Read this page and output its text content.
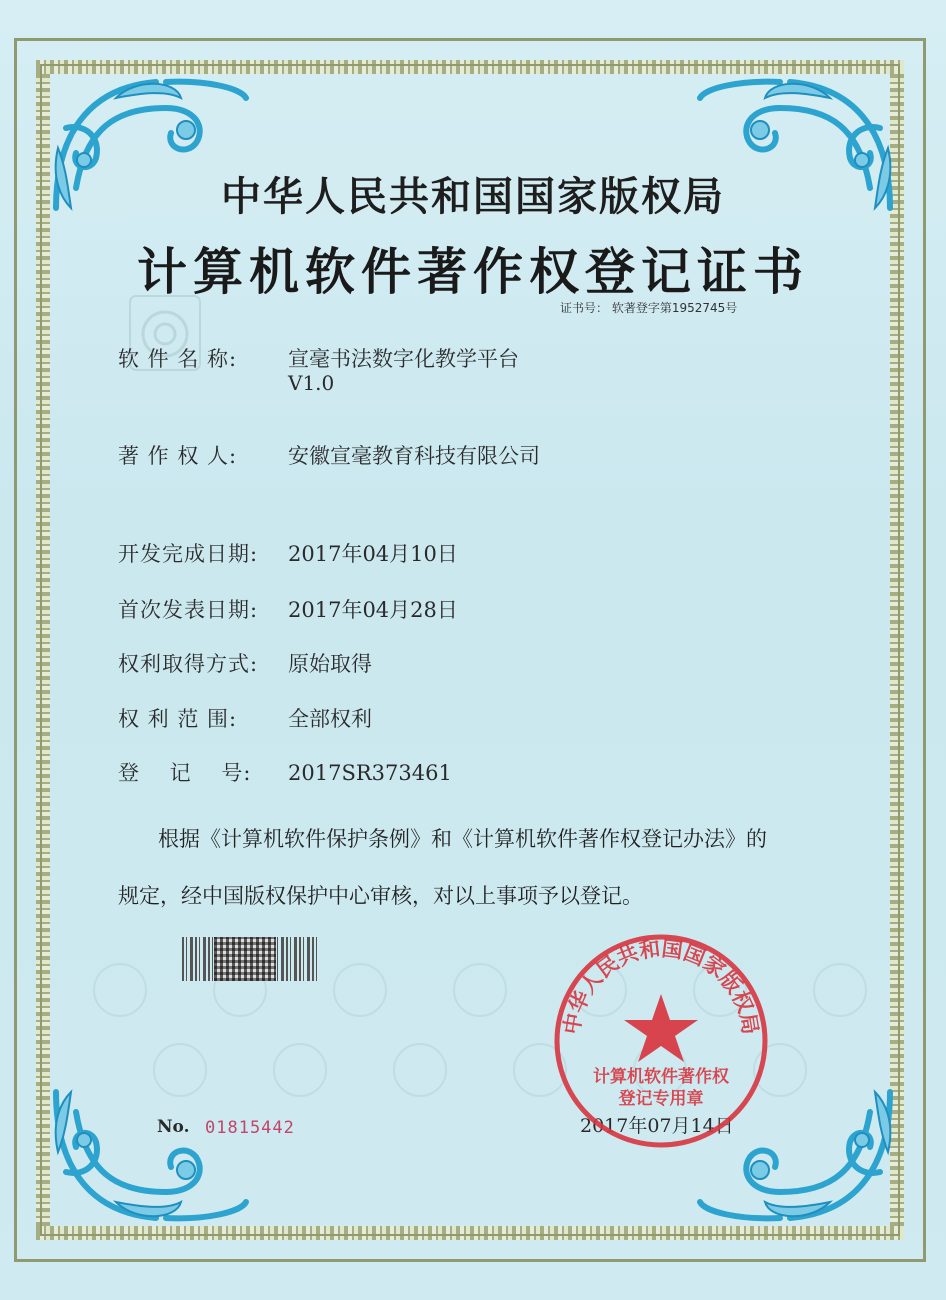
中华人民共和国国家版权局
计算机软件著作权登记证书
证书号： 软著登字第1952745号
软 件 名 称: 宣毫书法数字化教学平台
V1.0
著 作 权 人: 安徽宣毫教育科技有限公司
开发完成日期: 2017年04月10日
首次发表日期: 2017年04月28日
权利取得方式: 原始取得
权 利 范 围: 全部权利
登　 记　 号: 2017SR373461
根据《计算机软件保护条例》和《计算机软件著作权登记办法》的
规定，经中国版权保护中心审核，对以上事项予以登记。
No. 01815442	2017年07月14日
中华人民共和国国家版权局
计算机软件著作权
登记专用章
